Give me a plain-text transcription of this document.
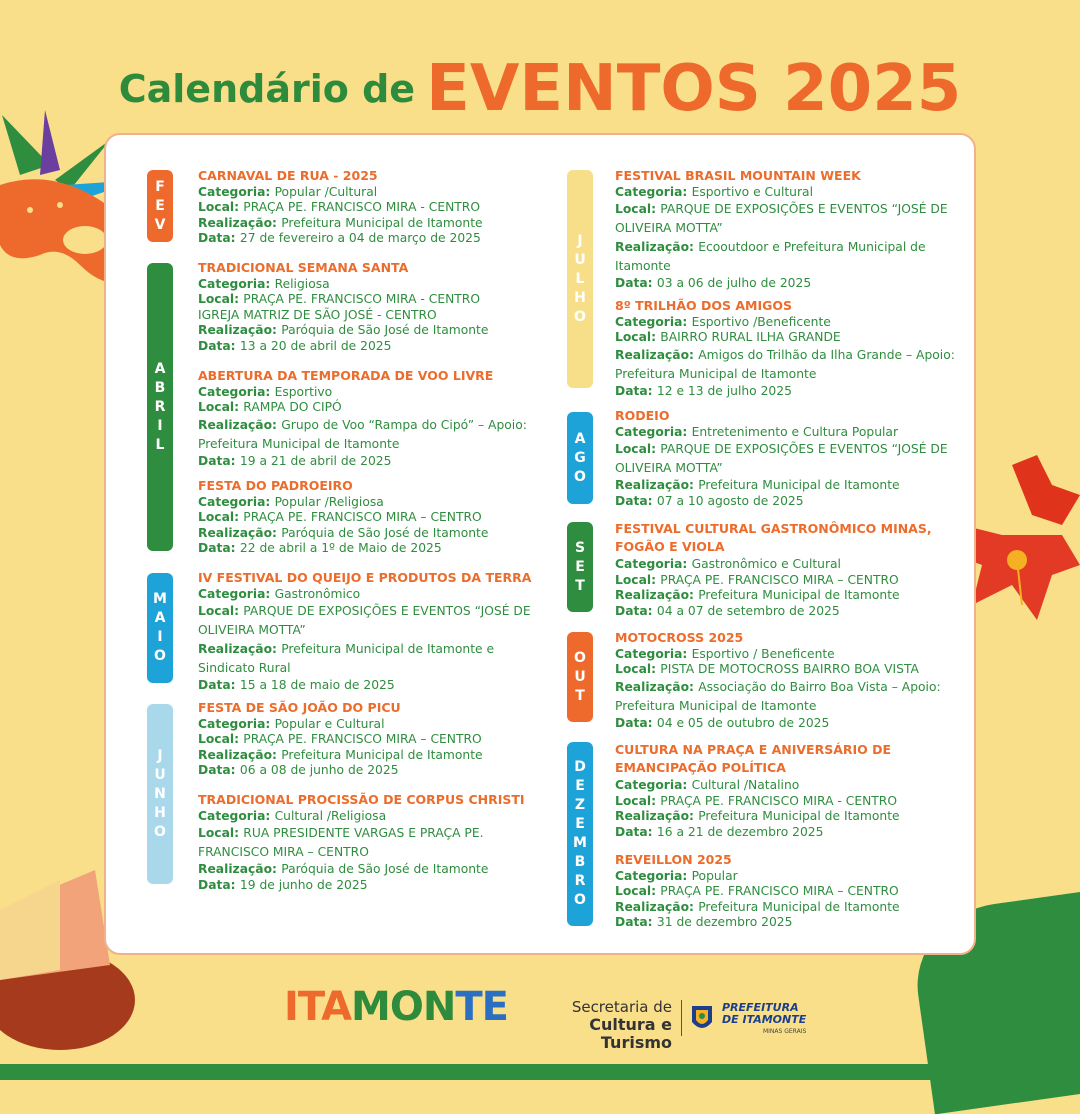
Calendário de EVENTOS 2025
F
E
V
A
B
R
I
L
M
A
I
O
J
U
N
H
O
J
U
L
H
O
A
G
O
S
E
T
O
U
T
D
E
Z
E
M
B
R
O
CARNAVAL DE RUA - 2025
Categoria: Popular /Cultural
Local: PRAÇA PE. FRANCISCO MIRA - CENTRO
Realização: Prefeitura Municipal de Itamonte
Data: 27 de fevereiro a 04 de março de 2025
TRADICIONAL SEMANA SANTA
Categoria: Religiosa
Local: PRAÇA PE. FRANCISCO MIRA - CENTRO
IGREJA MATRIZ DE SÃO JOSÉ - CENTRO
Realização: Paróquia de São José de Itamonte
Data: 13 a 20 de abril de 2025
ABERTURA DA TEMPORADA DE VOO LIVRE
Categoria: Esportivo
Local: RAMPA DO CIPÓ
Realização: Grupo de Voo “Rampa do Cipó” – Apoio:
Prefeitura Municipal de Itamonte
Data: 19 a 21 de abril de 2025
FESTA DO PADROEIRO
Categoria: Popular /Religiosa
Local: PRAÇA PE. FRANCISCO MIRA – CENTRO
Realização: Paróquia de São José de Itamonte
Data: 22 de abril a 1º de Maio de 2025
IV FESTIVAL DO QUEIJO E PRODUTOS DA TERRA
Categoria: Gastronômico
Local: PARQUE DE EXPOSIÇÕES E EVENTOS “JOSÉ DE
OLIVEIRA MOTTA”
Realização: Prefeitura Municipal de Itamonte e
Sindicato Rural
Data: 15 a 18 de maio de 2025
FESTA DE SÃO JOÃO DO PICU
Categoria: Popular e Cultural
Local: PRAÇA PE. FRANCISCO MIRA – CENTRO
Realização: Prefeitura Municipal de Itamonte
Data: 06 a 08 de junho de 2025
TRADICIONAL PROCISSÃO DE CORPUS CHRISTI
Categoria: Cultural /Religiosa
Local: RUA PRESIDENTE VARGAS E PRAÇA PE.
FRANCISCO MIRA – CENTRO
Realização: Paróquia de São José de Itamonte
Data: 19 de junho de 2025
FESTIVAL BRASIL MOUNTAIN WEEK
Categoria: Esportivo e Cultural
Local: PARQUE DE EXPOSIÇÕES E EVENTOS “JOSÉ DE
OLIVEIRA MOTTA”
Realização: Ecooutdoor e Prefeitura Municipal de
Itamonte
Data: 03 a 06 de julho de 2025
8º TRILHÃO DOS AMIGOS
Categoria: Esportivo /Beneficente
Local: BAIRRO RURAL ILHA GRANDE
Realização: Amigos do Trilhão da Ilha Grande – Apoio:
Prefeitura Municipal de Itamonte
Data: 12 e 13 de julho 2025
RODEIO
Categoria: Entretenimento e Cultura Popular
Local: PARQUE DE EXPOSIÇÕES E EVENTOS “JOSÉ DE
OLIVEIRA MOTTA”
Realização: Prefeitura Municipal de Itamonte
Data: 07 a 10 agosto de 2025
FESTIVAL CULTURAL GASTRONÔMICO MINAS,
FOGÃO E VIOLA
Categoria: Gastronômico e Cultural
Local: PRAÇA PE. FRANCISCO MIRA – CENTRO
Realização: Prefeitura Municipal de Itamonte
Data: 04 a 07 de setembro de 2025
MOTOCROSS 2025
Categoria: Esportivo / Beneficente
Local: PISTA DE MOTOCROSS BAIRRO BOA VISTA
Realização: Associação do Bairro Boa Vista – Apoio:
Prefeitura Municipal de Itamonte
Data: 04 e 05 de outubro de 2025
CULTURA NA PRAÇA E ANIVERSÁRIO DE
EMANCIPAÇÃO POLÍTICA
Categoria: Cultural /Natalino
Local: PRAÇA PE. FRANCISCO MIRA - CENTRO
Realização: Prefeitura Municipal de Itamonte
Data: 16 a 21 de dezembro 2025
REVEILLON 2025
Categoria: Popular
Local: PRAÇA PE. FRANCISCO MIRA – CENTRO
Realização: Prefeitura Municipal de Itamonte
Data: 31 de dezembro 2025
ITAMONTE	Secretaria de
Cultura e Turismo
PREFEITURA
DE ITAMONTE
MINAS GERAIS
